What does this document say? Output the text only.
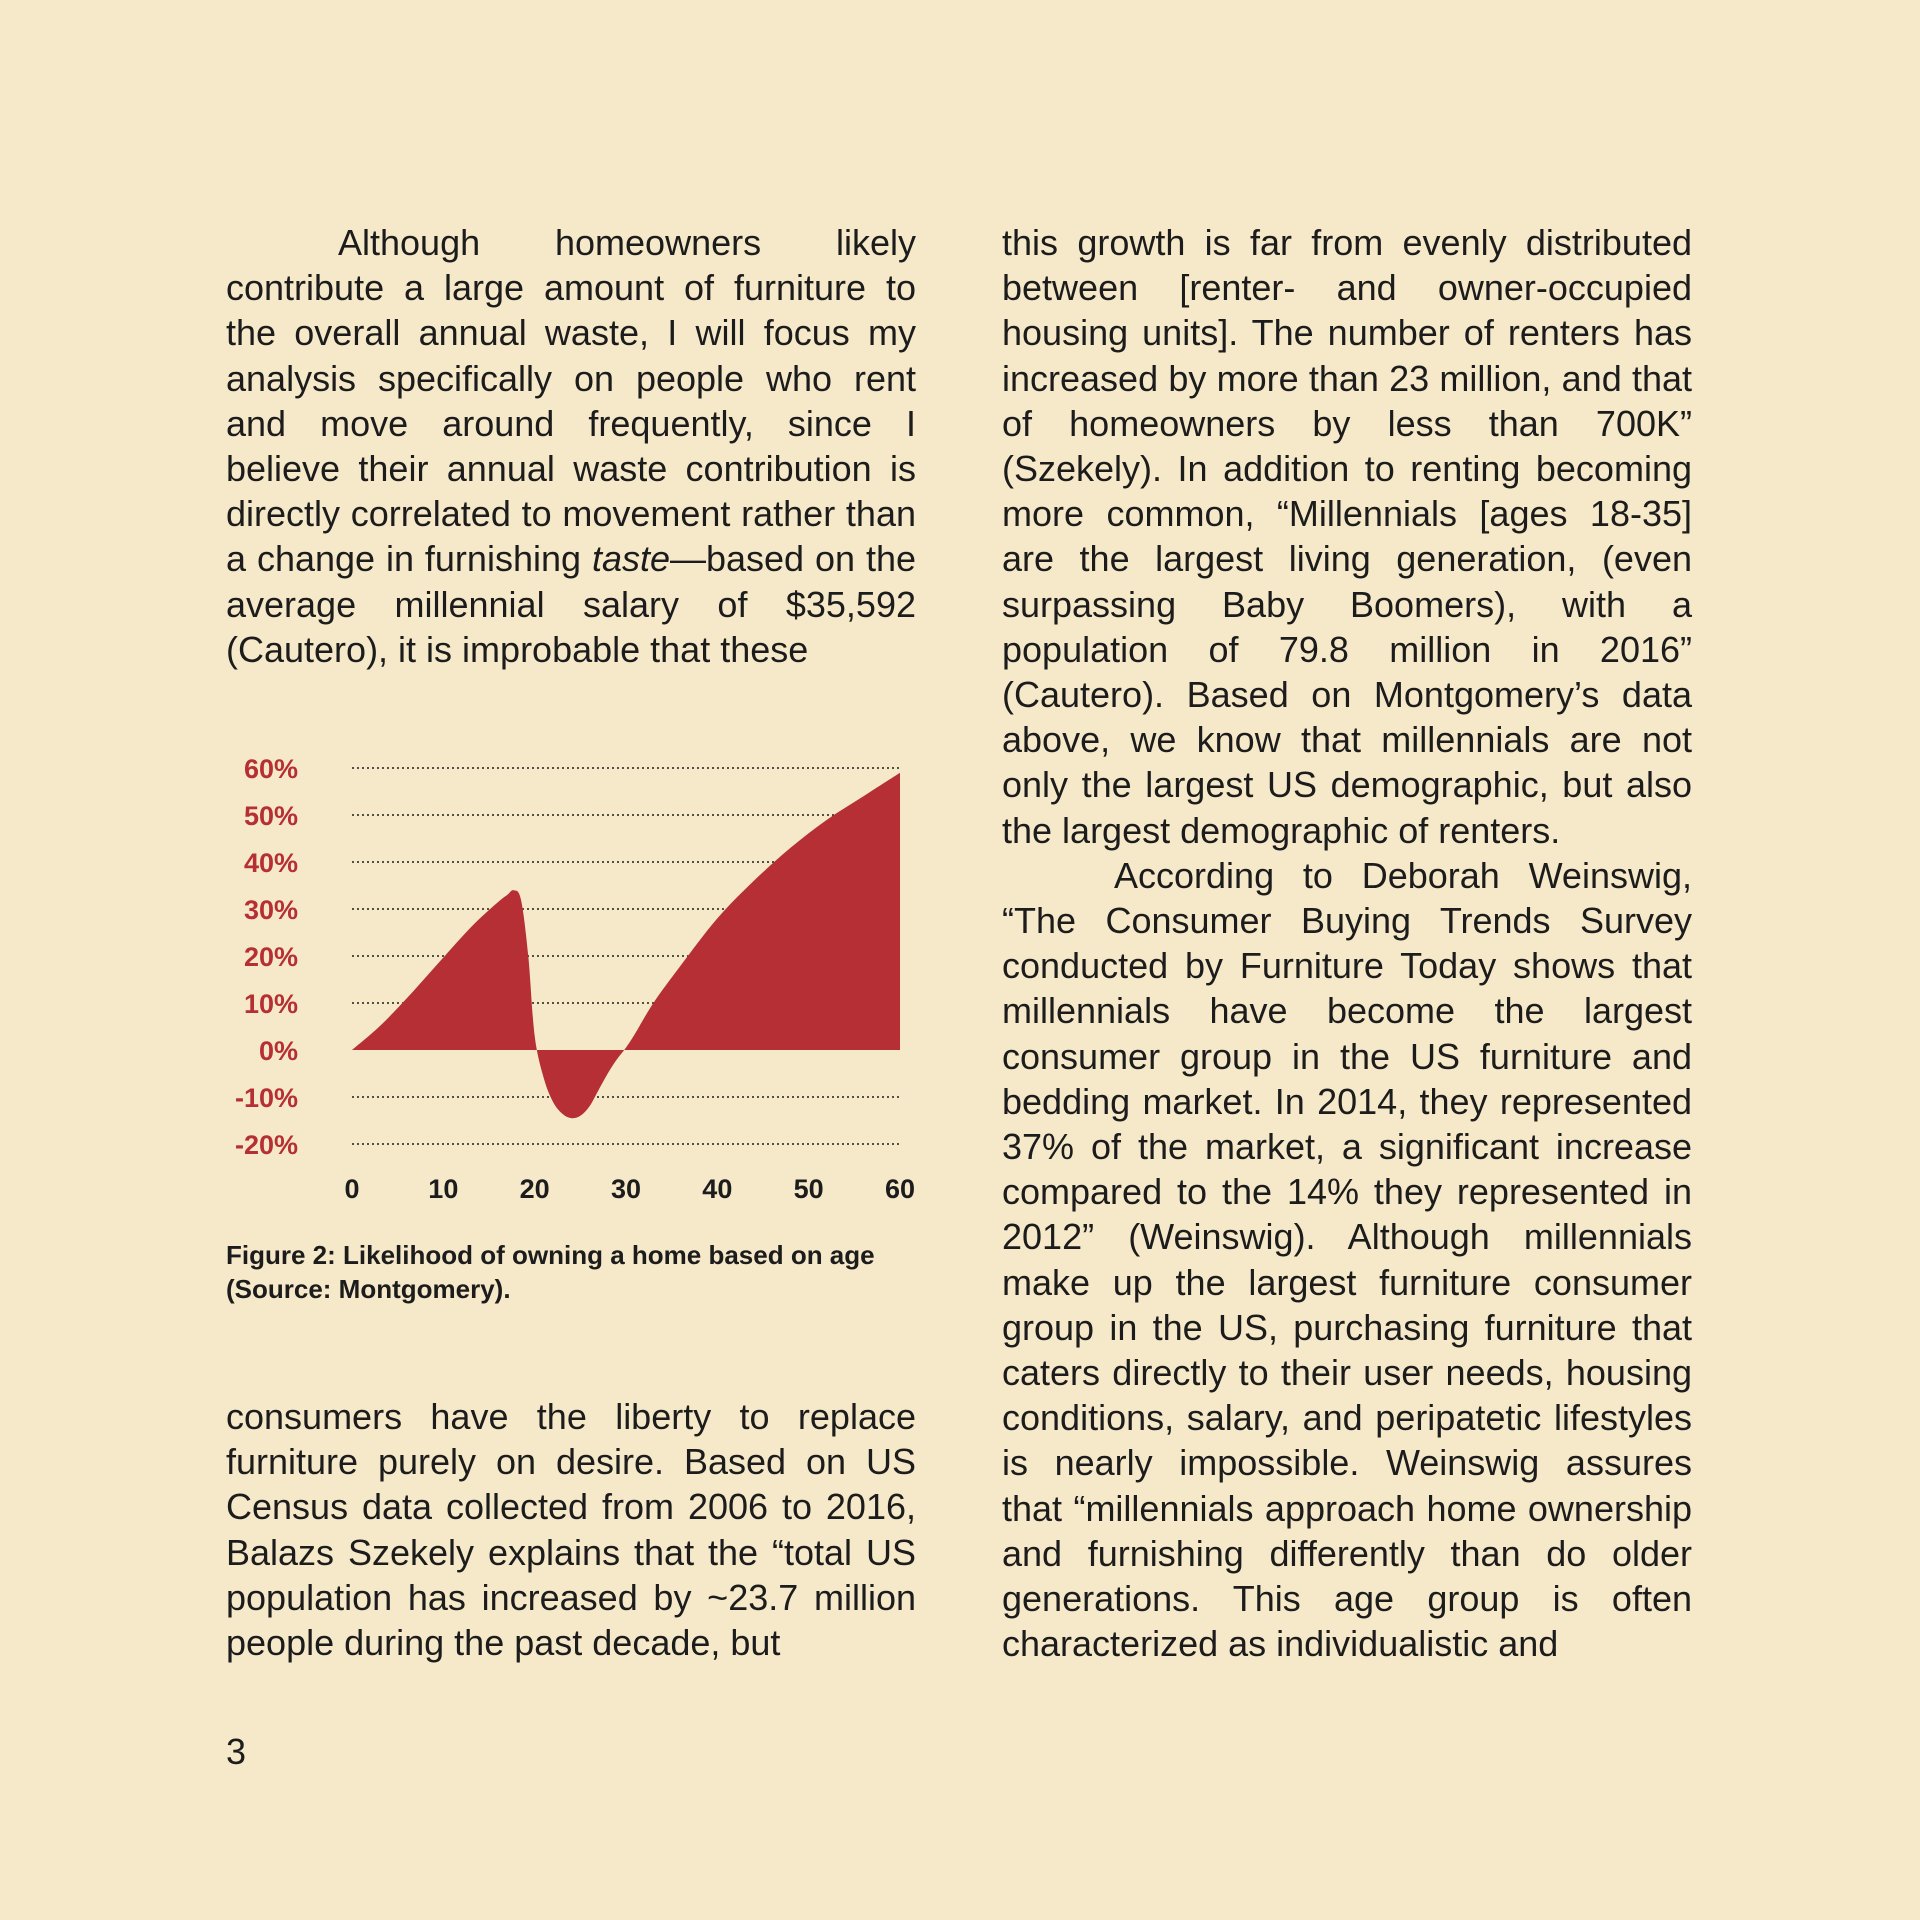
Although homeowners likely contribute a large amount of furniture to the overall annual waste, I will focus my analysis specifically on people who rent and move around frequently, since I believe their annual waste contribution is directly correlated to movement rather than a change in furnishing taste—based on the average millennial salary of $35,592 (Cautero), it is improbable that these

60%
50%
40%
30%
20%
10%
0%
-10%
-20%
0	10 20 30 40 50 60
Figure 2: Likelihood of owning a home based on age
(Source: Montgomery).

consumers have the liberty to replace furniture purely on desire. Based on US Census data collected from 2006 to 2016, Balazs Szekely explains that the “total US population has increased by ~23.7 million people during the past decade, but

this growth is far from evenly distributed between [renter- and owner-occupied housing units]. The number of renters has increased by more than 23 million, and that of homeowners by less than 700K” (Szekely). In addition to renting becoming more common, “Millennials [ages 18-35] are the largest living generation, (even surpassing Baby Boomers), with a population of 79.8 million in 2016” (Cautero). Based on Montgomery’s data above, we know that millennials are not only the largest US demographic, but also the largest demographic of renters.

According to Deborah Weinswig, “The Consumer Buying Trends Survey conducted by Furniture Today shows that millennials have become the largest consumer group in the US furniture and bedding market. In 2014, they represented 37% of the market, a significant increase compared to the 14% they represented in 2012” (Weinswig). Although millennials make up the largest furniture consumer group in the US, purchasing furniture that caters directly to their user needs, housing conditions, salary, and peripatetic lifestyles is nearly impossible. Weinswig assures that “millennials approach home ownership and furnishing differently than do older generations. This age group is often characterized as individualistic and

3
